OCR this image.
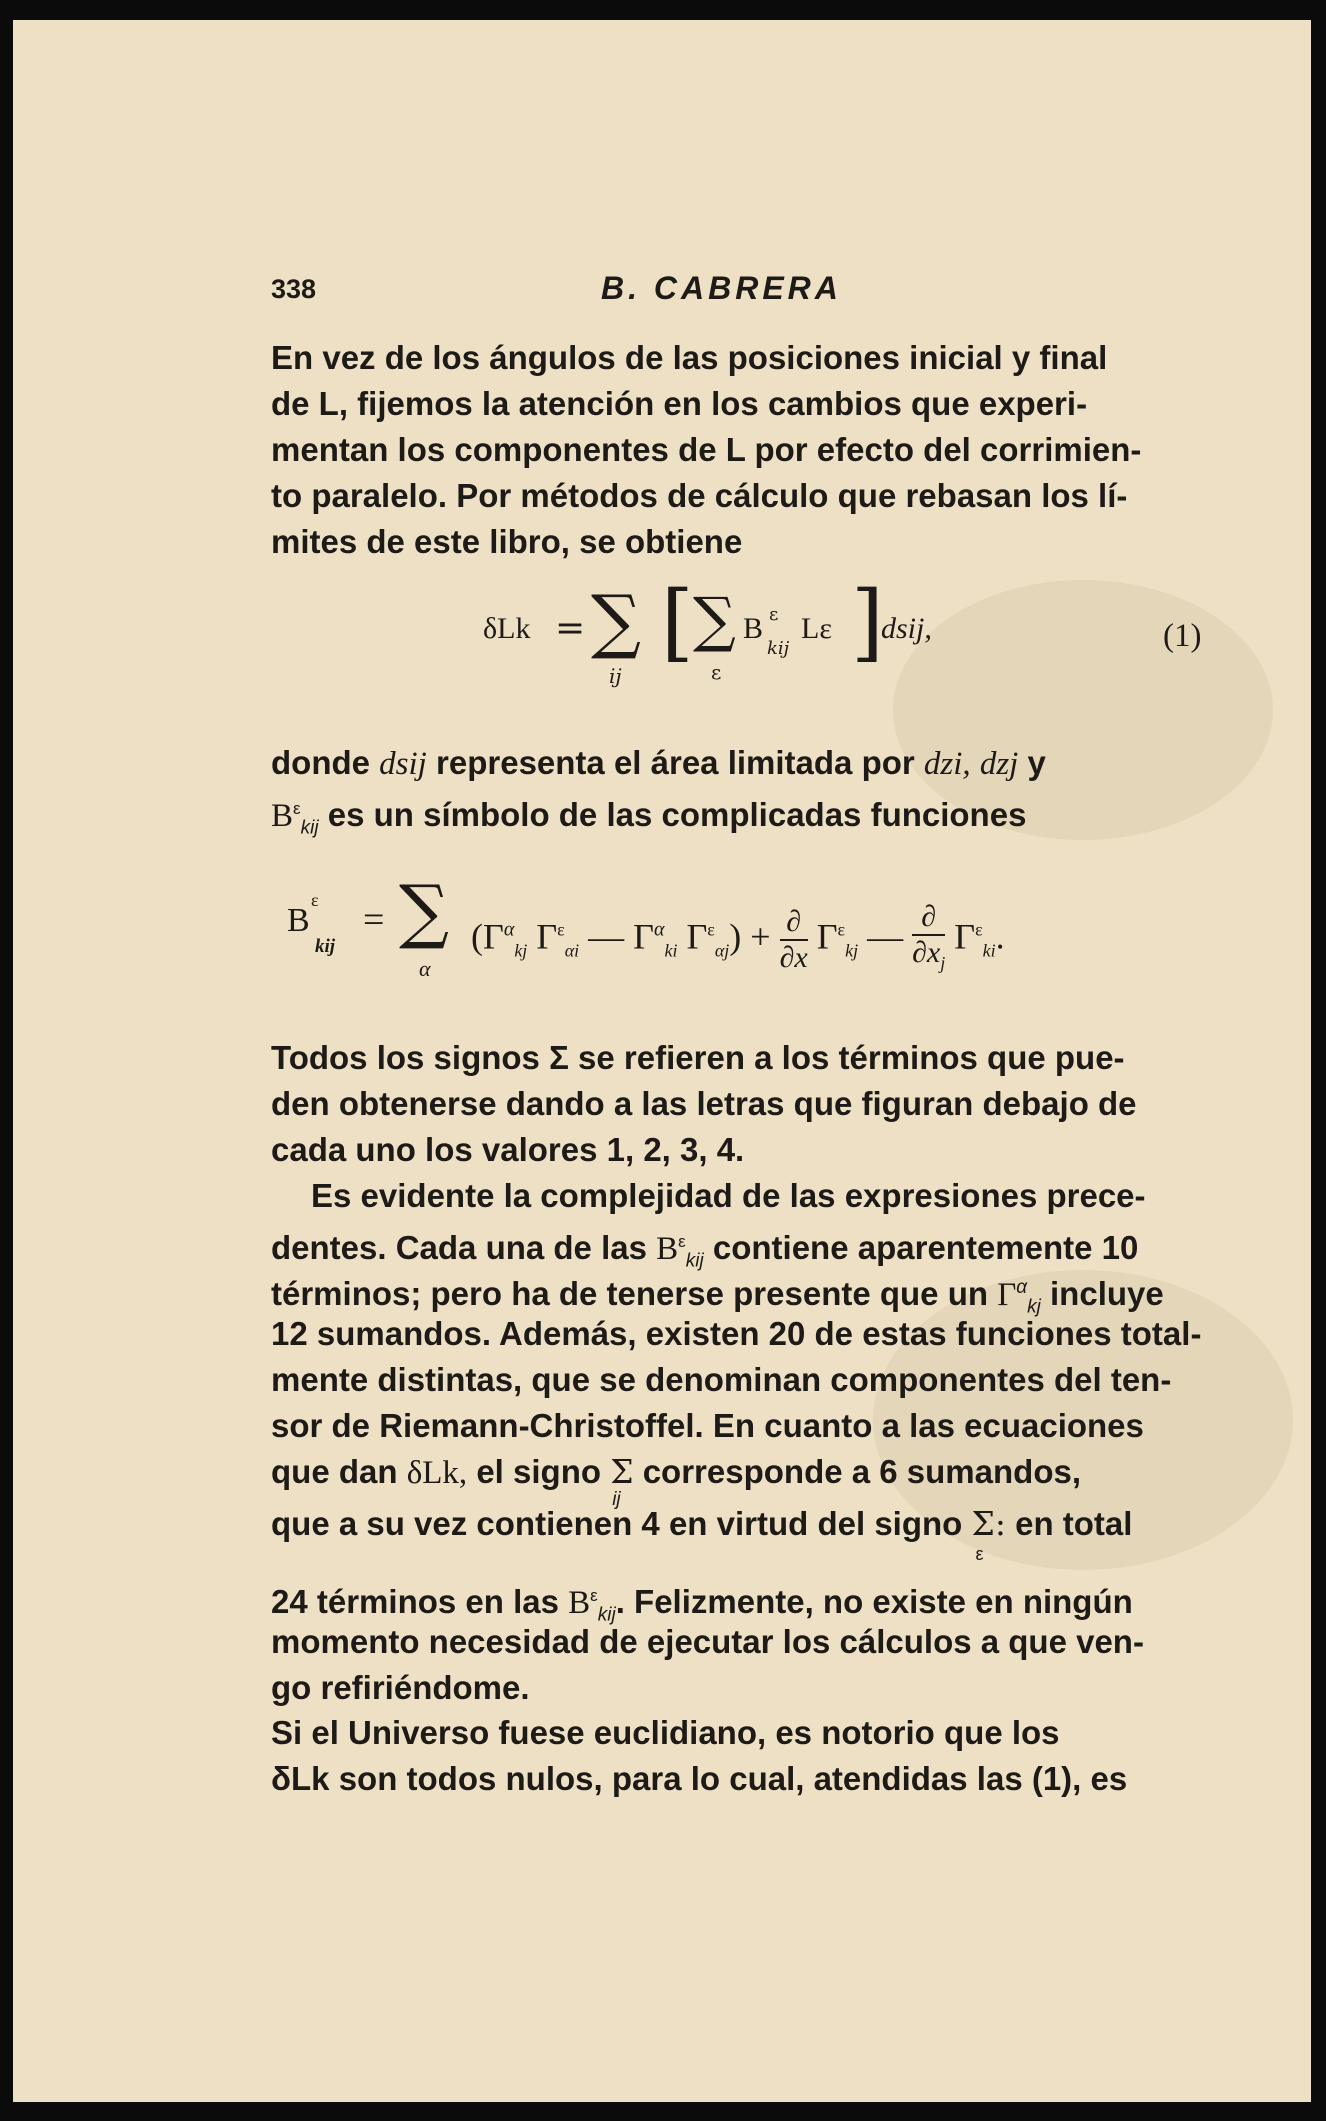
338	B. CABRERA
En vez de los ángulos de las posiciones inicial y final
de L, fijemos la atención en los cambios que experi-
mentan los componentes de L por efecto del corrimien-
to paralelo. Por métodos de cálculo que rebasan los lí-
mites de este libro, se obtiene
δLk = ∑
ij
[ ∑
ε
B ε
kij
Lε ]
dsij,	(1)
donde dsij representa el área limitada por dzi, dzj y
$B^\varepsilon_{kij}$ es un símbolo de las complicadas funciones
B
ε
kij
= ∑
α
($\Gamma^\alpha_{kj}$ $\Gamma^\varepsilon_{\alpha i}$ — $\Gamma^\alpha_{ki}$ $\Gamma^\varepsilon_{\alpha j}$) + ∂
∂x
$\Gamma^\varepsilon_{kj}$ — ∂
$\partial x_j$
$\Gamma^\varepsilon_{ki}$.
Todos los signos Σ se refieren a los términos que pue-
den obtenerse dando a las letras que figuran debajo de
cada uno los valores 1, 2, 3, 4.
Es evidente la complejidad de las expresiones prece-
dentes. Cada una de las $B^\varepsilon_{kij}$ contiene aparentemente 10
términos; pero ha de tenerse presente que un $\Gamma^\alpha_{kj}$ incluye
12 sumandos. Además, existen 20 de estas funciones total-
mente distintas, que se denominan componentes del ten-
sor de Riemann-Christoffel. En cuanto a las ecuaciones
que dan δLk, el signo Σ
ij
corresponde a 6 sumandos,
que a su vez contienen 4 en virtud del signo Σ:
ε
en total
24 términos en las $B^\varepsilon_{kij}$. Felizmente, no existe en ningún
momento necesidad de ejecutar los cálculos a que ven-
go refiriéndome.
Si el Universo fuese euclidiano, es notorio que los
δLk son todos nulos, para lo cual, atendidas las (1), es
